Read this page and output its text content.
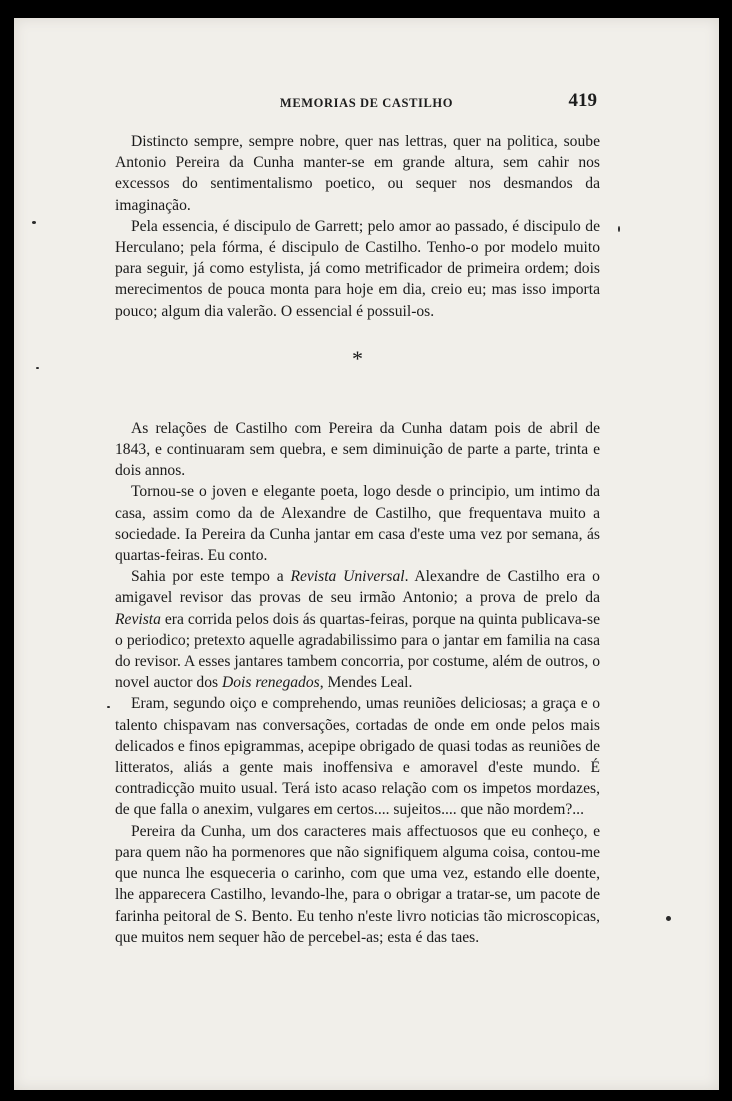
MEMORIAS DE CASTILHO	419

Distincto sempre, sempre nobre, quer nas lettras, quer na politica, soube Antonio Pereira da Cunha manter-se em grande altura, sem cahir nos excessos do sentimentalismo poetico, ou sequer nos desmandos da imaginação.

Pela essencia, é discipulo de Garrett; pelo amor ao passado, é discipulo de Herculano; pela fórma, é discipulo de Castilho. Tenho-o por modelo muito para seguir, já como estylista, já como metrificador de primeira ordem; dois merecimentos de pouca monta para hoje em dia, creio eu; mas isso importa pouco; algum dia valerão. O essencial é possuil-os.

*

As relações de Castilho com Pereira da Cunha datam pois de abril de 1843, e continuaram sem quebra, e sem diminuição de parte a parte, trinta e dois annos.

Tornou-se o joven e elegante poeta, logo desde o principio, um intimo da casa, assim como da de Alexandre de Castilho, que frequentava muito a sociedade. Ia Pereira da Cunha jantar em casa d'este uma vez por semana, ás quartas-feiras. Eu conto.

Sahia por este tempo a Revista Universal. Alexandre de Castilho era o amigavel revisor das provas de seu irmão Antonio; a prova de prelo da Revista era corrida pelos dois ás quartas-feiras, porque na quinta publicava-se o periodico; pretexto aquelle agradabilissimo para o jantar em familia na casa do revisor. A esses jantares tambem concorria, por costume, além de outros, o novel auctor dos Dois renegados, Mendes Leal.

Eram, segundo oiço e comprehendo, umas reuniões deliciosas; a graça e o talento chispavam nas conversações, cortadas de onde em onde pelos mais delicados e finos epigrammas, acepipe obrigado de quasi todas as reuniões de litteratos, aliás a gente mais inoffensiva e amoravel d'este mundo. É contradicção muito usual. Terá isto acaso relação com os impetos mordazes, de que falla o anexim, vulgares em certos.... sujeitos.... que não mordem?...

Pereira da Cunha, um dos caracteres mais affectuosos que eu conheço, e para quem não ha pormenores que não signifiquem alguma coisa, contou-me que nunca lhe esqueceria o carinho, com que uma vez, estando elle doente, lhe apparecera Castilho, levando-lhe, para o obrigar a tratar-se, um pacote de farinha peitoral de S. Bento. Eu tenho n'este livro noticias tão microscopicas, que muitos nem sequer hão de percebel-as; esta é das taes.
